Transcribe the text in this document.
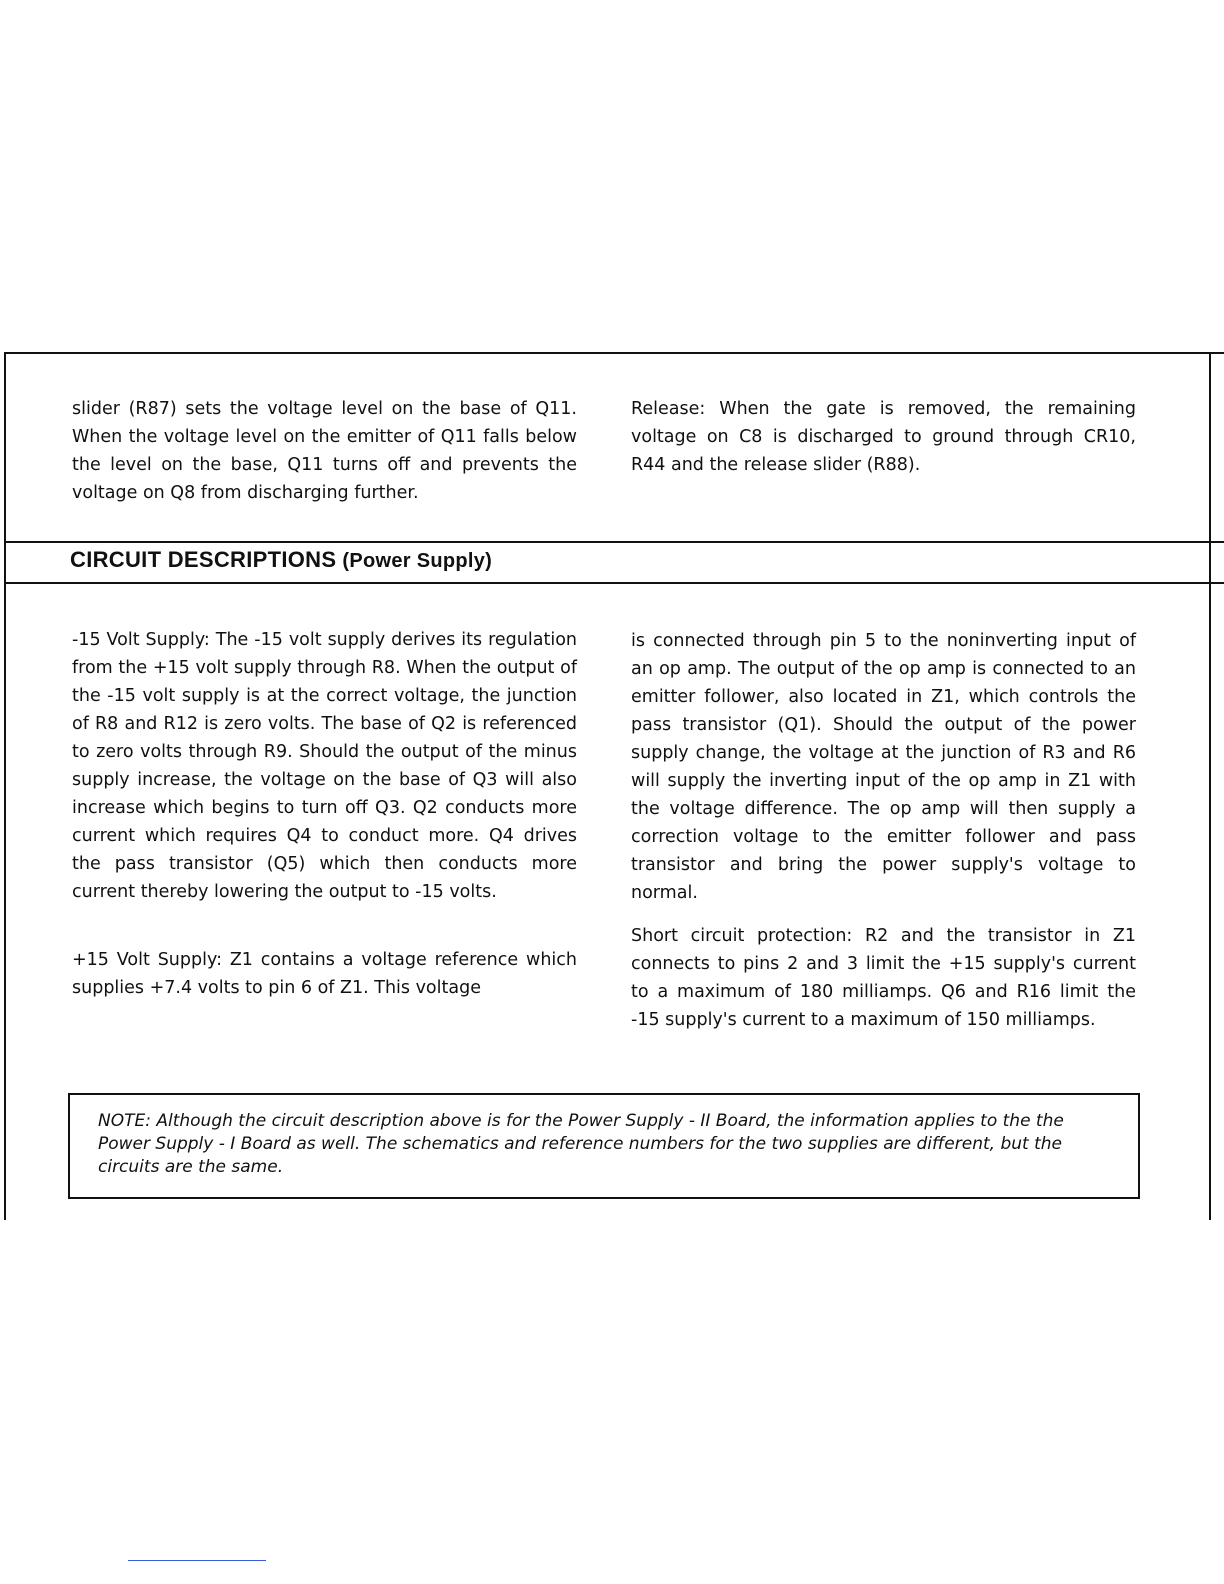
slider (R87) sets the voltage level on the base of Q11. When the voltage level on the emitter of Q11 falls below the level on the base, Q11 turns off and prevents the voltage on Q8 from discharging further.

Release: When the gate is removed, the remaining voltage on C8 is discharged to ground through CR10, R44 and the release slider (R88).

CIRCUIT DESCRIPTIONS (Power Supply)

-15 Volt Supply: The -15 volt supply derives its regulation from the +15 volt supply through R8. When the output of the -15 volt supply is at the correct voltage, the junction of R8 and R12 is zero volts. The base of Q2 is referenced to zero volts through R9. Should the output of the minus supply increase, the voltage on the base of Q3 will also increase which begins to turn off Q3. Q2 conducts more current which requires Q4 to conduct more. Q4 drives the pass transistor (Q5) which then conducts more current thereby lowering the output to -15 volts.

+15 Volt Supply: Z1 contains a voltage reference which supplies +7.4 volts to pin 6 of Z1. This voltage

is connected through pin 5 to the noninverting input of an op amp. The output of the op amp is connected to an emitter follower, also located in Z1, which controls the pass transistor (Q1). Should the output of the power supply change, the voltage at the junction of R3 and R6 will supply the inverting input of the op amp in Z1 with the voltage difference. The op amp will then supply a correction voltage to the emitter follower and pass transistor and bring the power supply's voltage to normal.

Short circuit protection: R2 and the transistor in Z1 connects to pins 2 and 3 limit the +15 supply's current to a maximum of 180 milliamps. Q6 and R16 limit the -15 supply's current to a maximum of 150 milliamps.

NOTE: Although the circuit description above is for the Power Supply - II Board, the information applies to the the Power Supply - I Board as well. The schematics and reference numbers for the two supplies are different, but the circuits are the same.
